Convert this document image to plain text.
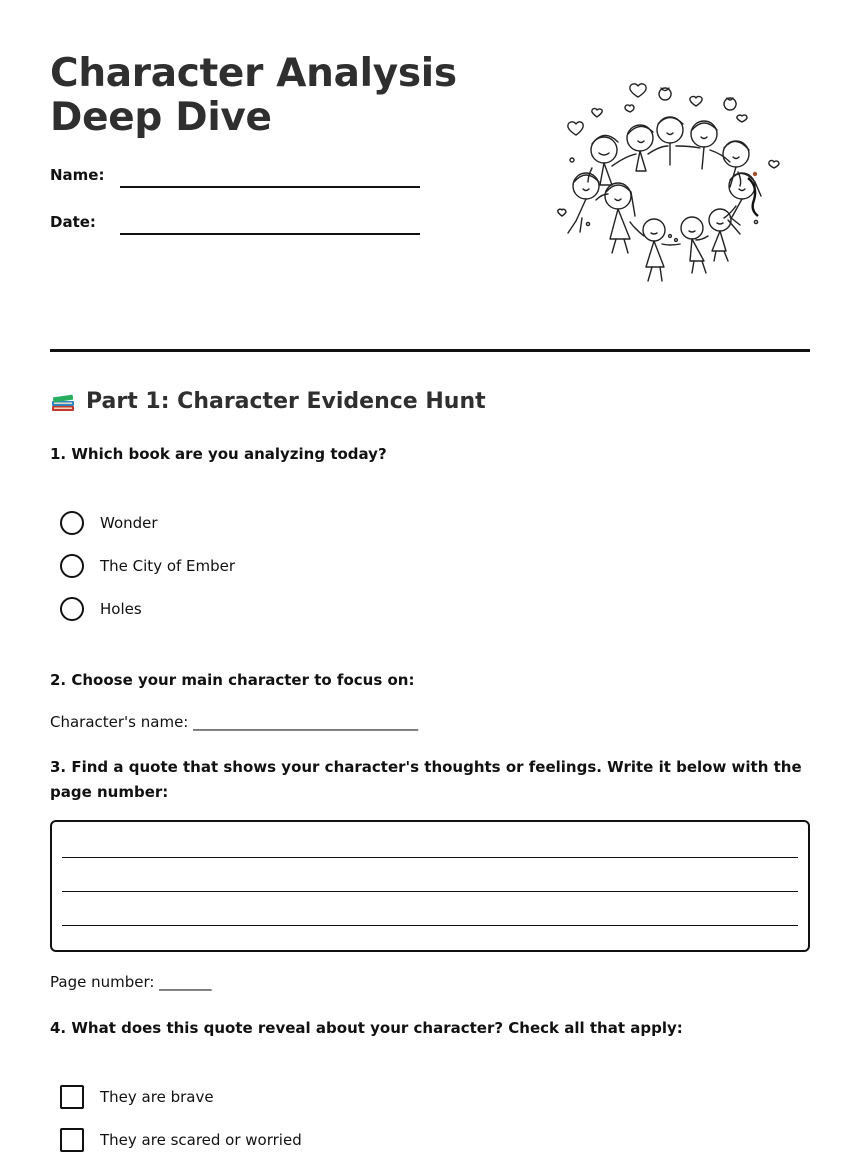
Character Analysis Deep Dive
Name:
Date:
Part 1: Character Evidence Hunt
1. Which book are you analyzing today?
Wonder
The City of Ember
Holes
2. Choose your main character to focus on:
Character's name: ______________________________
3. Find a quote that shows your character's thoughts or feelings. Write it below with the page number:
Page number: _______
4. What does this quote reveal about your character? Check all that apply:
They are brave
They are scared or worried
